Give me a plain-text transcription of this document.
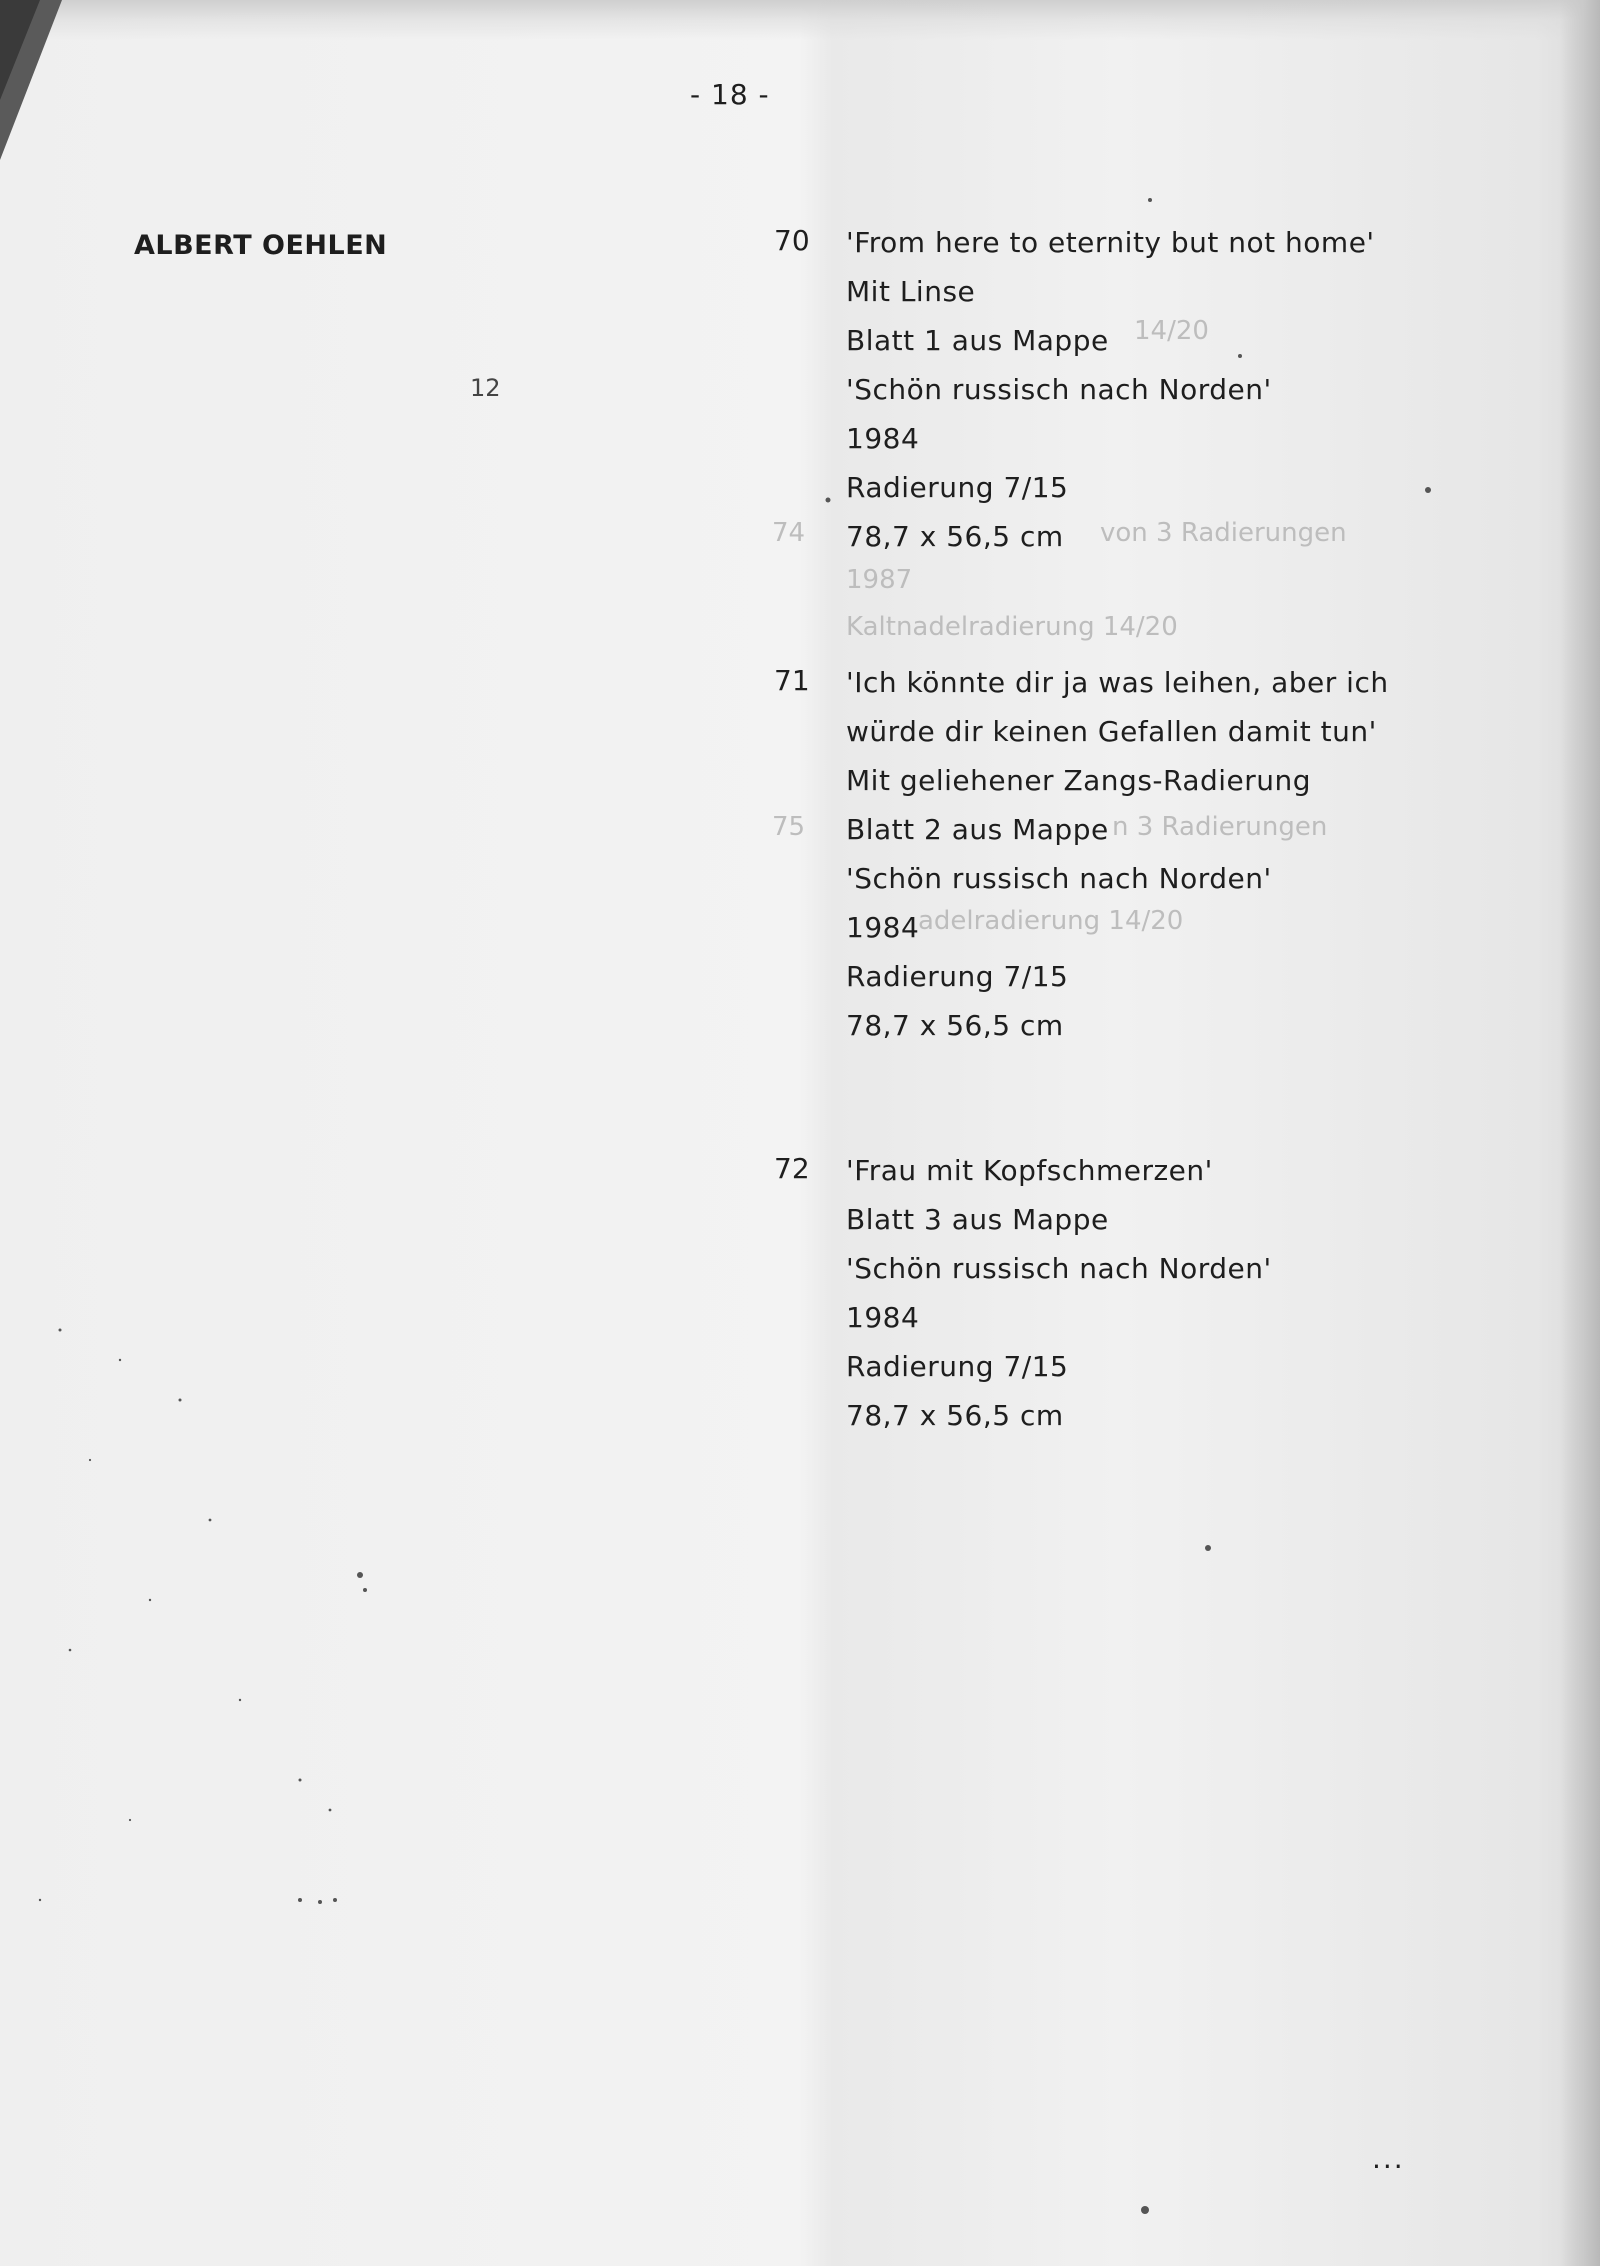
14/20
74	von 3 Radierungen
1987
Kaltnadelradierung 14/20
75	n 3 Radierungen
adelradierung 14/20
- 18 -
ALBERT OEHLEN
12
70 'From here to eternity but not home'
Mit Linse
Blatt 1 aus Mappe
'Schön russisch nach Norden'
1984
Radierung 7/15
78,7 x 56,5 cm
71 'Ich könnte dir ja was leihen, aber ich
würde dir keinen Gefallen damit tun'
Mit geliehener Zangs-Radierung
Blatt 2 aus Mappe
'Schön russisch nach Norden'
1984
Radierung 7/15
78,7 x 56,5 cm
72 'Frau mit Kopfschmerzen'
Blatt 3 aus Mappe
'Schön russisch nach Norden'
1984
Radierung 7/15
78,7 x 56,5 cm
...
